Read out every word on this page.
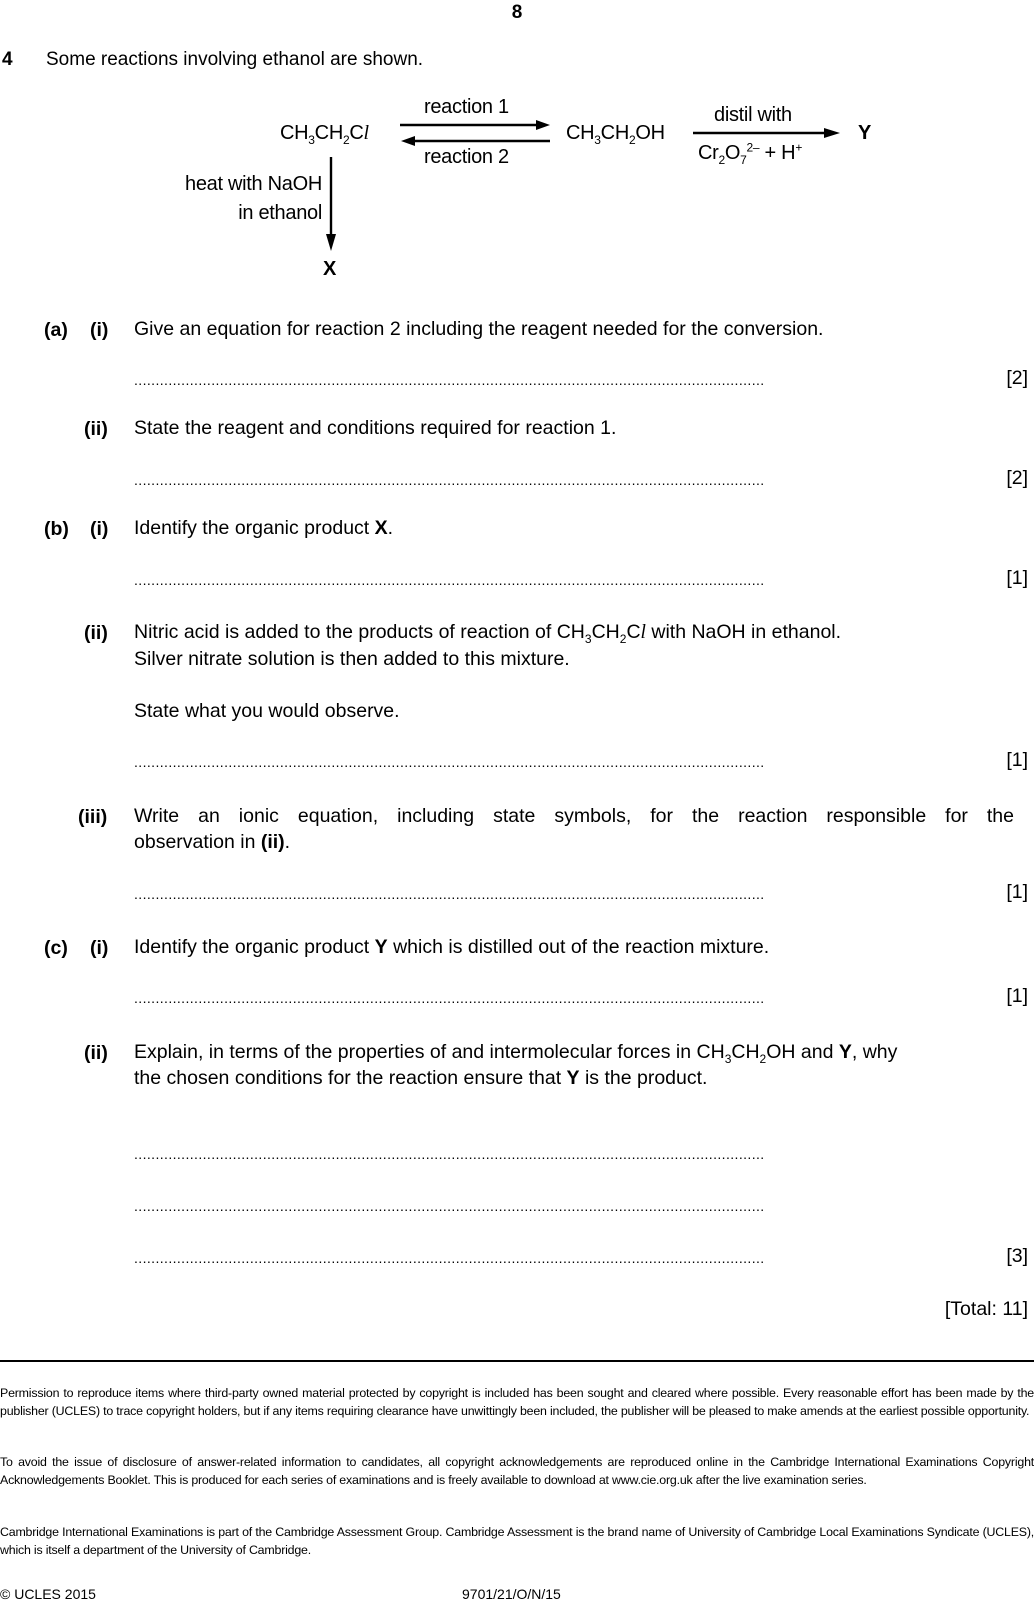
8
4 Some reactions involving ethanol are shown.
$CH_3CH_2Cl$
reaction 1
reaction 2
$CH_3CH_2OH$
distil with
$Cr_2O_7^{2-} + H^+$
Y
heat with NaOH
in ethanol
X
(a) (i) Give an equation for reaction 2 including the reagent needed for the conversion.
...................................................................................................................................................	[2]
(ii) State the reagent and conditions required for reaction 1.
...................................................................................................................................................	[2]
(b) (i) Identify the organic product X.
...................................................................................................................................................	[1]
(ii) Nitric acid is added to the products of reaction of $CH_3CH_2Cl$ with NaOH in ethanol.
Silver nitrate solution is then added to this mixture.
State what you would observe.
...................................................................................................................................................	[1]
(iii) Write an ionic equation, including state symbols, for the reaction responsible for the
observation in (ii).
...................................................................................................................................................	[1]
(c) (i) Identify the organic product Y which is distilled out of the reaction mixture.
...................................................................................................................................................	[1]
(ii) Explain, in terms of the properties of and intermolecular forces in $CH_3CH_2OH$ and Y, why
the chosen conditions for the reaction ensure that Y is the product.
...................................................................................................................................................
...................................................................................................................................................
...................................................................................................................................................	[3]
[Total: 11]
Permission to reproduce items where third-party owned material protected by copyright is included has been sought and cleared where possible. Every reasonable effort has been made by the publisher (UCLES) to trace copyright holders, but if any items requiring clearance have unwittingly been included, the publisher will be pleased to make amends at the earliest possible opportunity.
To avoid the issue of disclosure of answer-related information to candidates, all copyright acknowledgements are reproduced online in the Cambridge International Examinations Copyright Acknowledgements Booklet. This is produced for each series of examinations and is freely available to download at www.cie.org.uk after the live examination series.
Cambridge International Examinations is part of the Cambridge Assessment Group. Cambridge Assessment is the brand name of University of Cambridge Local Examinations Syndicate (UCLES), which is itself a department of the University of Cambridge.
© UCLES 2015	9701/21/O/N/15
